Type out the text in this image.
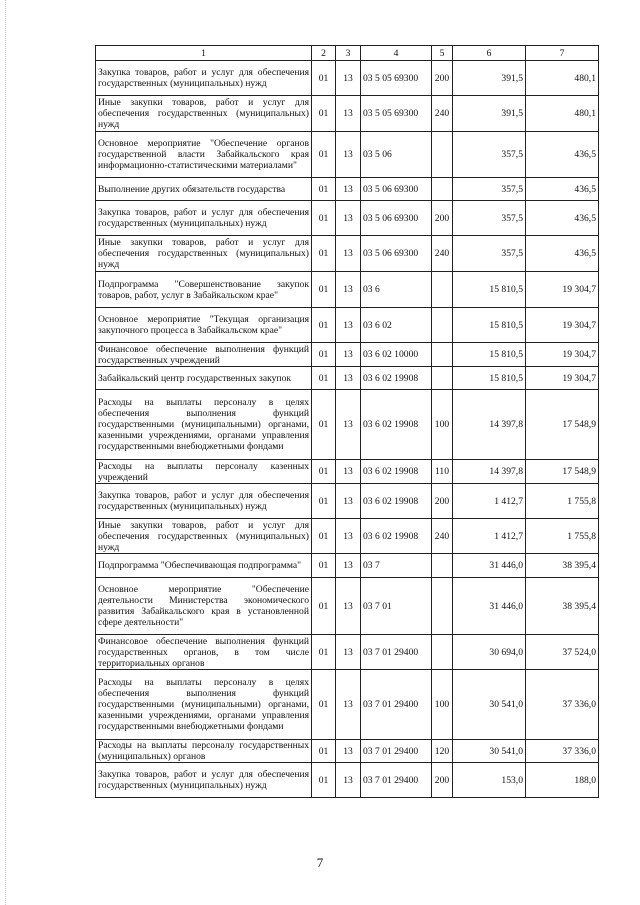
1	2	3	4	5	6	7
Закупка товаров, работ и услуг для обеспечения государственных (муниципальных) нужд	01	13	03 5 05 69300	200	391,5	480,1
Иные закупки товаров, работ и услуг для обеспечения государственных (муниципальных) нужд	01	13	03 5 05 69300	240	391,5	480,1
Основное мероприятие "Обеспечение органов государственной власти Забайкальского края информационно-статистическими материалами"	01	13	03 5 06		357,5	436,5
Выполнение других обязательств государства	01	13	03 5 06 69300		357,5	436,5
Закупка товаров, работ и услуг для обеспечения государственных (муниципальных) нужд	01	13	03 5 06 69300	200	357,5	436,5
Иные закупки товаров, работ и услуг для обеспечения государственных (муниципальных) нужд	01	13	03 5 06 69300	240	357,5	436,5
Подпрограмма "Совершенствование закупок товаров, работ, услуг в Забайкальском крае"	01	13	03 6		15 810,5	19 304,7
Основное мероприятие "Текущая организация закупочного процесса в Забайкальском крае"	01	13	03 6 02		15 810,5	19 304,7
Финансовое обеспечение выполнения функций государственных учреждений	01	13	03 6 02 10000		15 810,5	19 304,7
Забайкальский центр государственных закупок	01	13	03 6 02 19908		15 810,5	19 304,7
Расходы на выплаты персоналу в целях обеспечения выполнения функций государственными (муниципальными) органами, казенными учреждениями, органами управления государственными внебюджетными фондами	01	13	03 6 02 19908	100	14 397,8	17 548,9
Расходы на выплаты персоналу казенных учреждений	01	13	03 6 02 19908	110	14 397,8	17 548,9
Закупка товаров, работ и услуг для обеспечения государственных (муниципальных) нужд	01	13	03 6 02 19908	200	1 412,7	1 755,8
Иные закупки товаров, работ и услуг для обеспечения государственных (муниципальных) нужд	01	13	03 6 02 19908	240	1 412,7	1 755,8
Подпрограмма "Обеспечивающая подпрограмма"	01	13	03 7		31 446,0	38 395,4
Основное мероприятие "Обеспечение деятельности Министерства экономического развития Забайкальского края в установленной сфере деятельности"	01	13	03 7 01		31 446,0	38 395,4
Финансовое обеспечение выполнения функций государственных органов, в том числе территориальных органов	01	13	03 7 01 29400		30 694,0	37 524,0
Расходы на выплаты персоналу в целях обеспечения выполнения функций государственными (муниципальными) органами, казенными учреждениями, органами управления государственными внебюджетными фондами	01	13	03 7 01 29400	100	30 541,0	37 336,0
Расходы на выплаты персоналу государственных (муниципальных) органов	01	13	03 7 01 29400	120	30 541,0	37 336,0
Закупка товаров, работ и услуг для обеспечения государственных (муниципальных) нужд	01	13	03 7 01 29400	200	153,0	188,0
7
